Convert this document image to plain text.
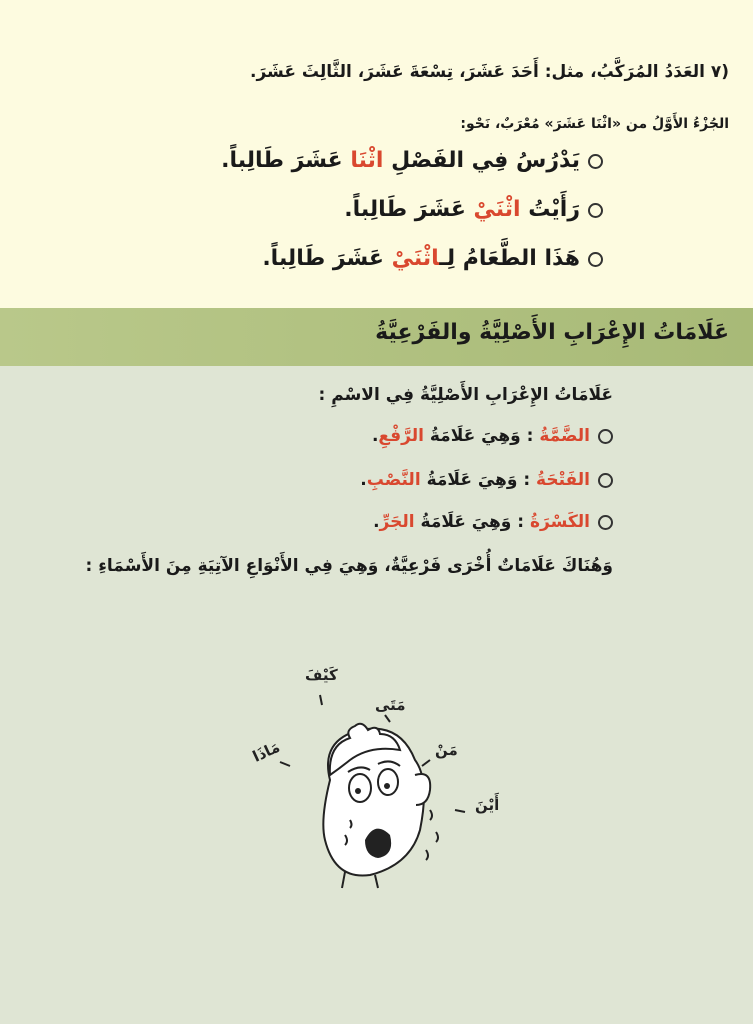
عَلَامَاتُ الإِعْرَابِ الأَصْلِيَّةُ والفَرْعِيَّةُ
(٧ العَدَدُ المُرَكَّبُ، مثل: أَحَدَ عَشَرَ، تِسْعَةَ عَشَرَ، الثَّالِثَ عَشَرَ.
الجُزْءُ الأَوَّلُ من «اثْنَا عَشَرَ» مُعْرَبٌ، نَحْو:
يَدْرُسُ فِي الفَصْلِ اثْنَا عَشَرَ طَالِباً.
رَأَيْتُ اثْنَيْ عَشَرَ طَالِباً.
هَذَا الطَّعَامُ لِـاثْنَيْ عَشَرَ طَالِباً.
عَلَامَاتُ الإِعْرَابِ الأَصْلِيَّةُ فِي الاسْمِ :
الضَّمَّةُ : وَهِيَ عَلَامَةُ الرَّفْعِ.
الفَتْحَةُ : وَهِيَ عَلَامَةُ النَّصْبِ.
الكَسْرَةُ : وَهِيَ عَلَامَةُ الجَرِّ.
وَهُنَاكَ عَلَامَاتٌ أُخْرَى فَرْعِيَّةٌ، وَهِيَ فِي الأَنْوَاعِ الآتِيَةِ مِنَ الأَسْمَاءِ :
كَيْفَ
مَتَى
مَنْ
مَاذَا
أَيْنَ
